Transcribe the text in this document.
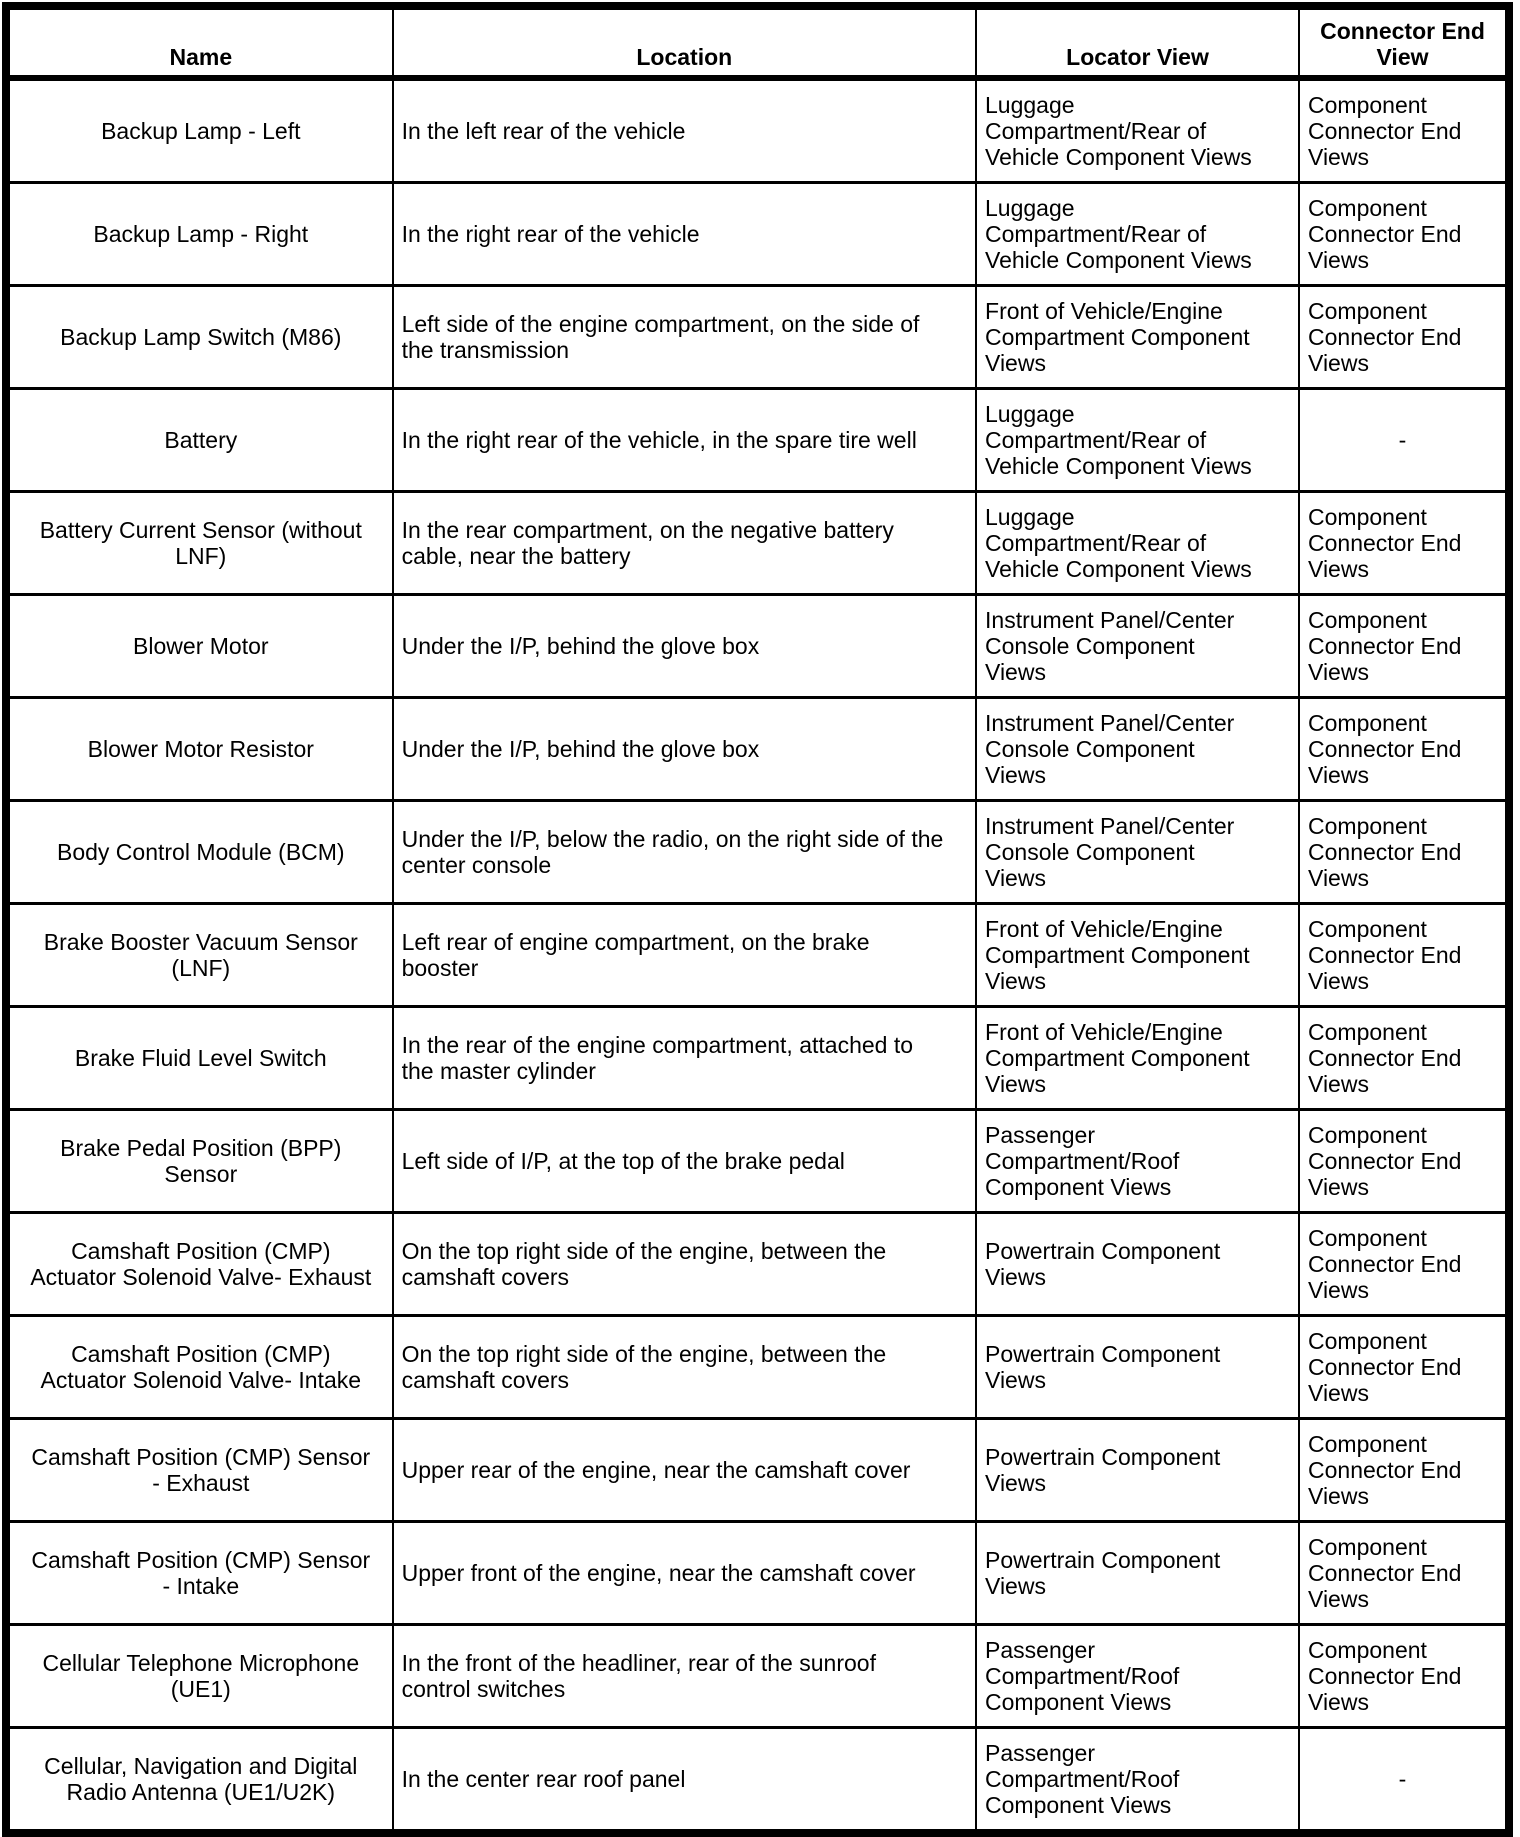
Name	Location	Locator View	Connector End View
Backup Lamp - Left	In the left rear of the vehicle	Luggage Compartment/Rear of Vehicle Component Views	Component Connector End Views
Backup Lamp - Right	In the right rear of the vehicle	Luggage Compartment/Rear of Vehicle Component Views	Component Connector End Views
Backup Lamp Switch (M86)	Left side of the engine compartment, on the side of the transmission	Front of Vehicle/Engine Compartment Component Views	Component Connector End Views
Battery	In the right rear of the vehicle, in the spare tire well	Luggage Compartment/Rear of Vehicle Component Views	-
Battery Current Sensor (without LNF)	In the rear compartment, on the negative battery cable, near the battery	Luggage Compartment/Rear of Vehicle Component Views	Component Connector End Views
Blower Motor	Under the I/P, behind the glove box	Instrument Panel/Center Console Component Views	Component Connector End Views
Blower Motor Resistor	Under the I/P, behind the glove box	Instrument Panel/Center Console Component Views	Component Connector End Views
Body Control Module (BCM)	Under the I/P, below the radio, on the right side of the center console	Instrument Panel/Center Console Component Views	Component Connector End Views
Brake Booster Vacuum Sensor (LNF)	Left rear of engine compartment, on the brake booster	Front of Vehicle/Engine Compartment Component Views	Component Connector End Views
Brake Fluid Level Switch	In the rear of the engine compartment, attached to the master cylinder	Front of Vehicle/Engine Compartment Component Views	Component Connector End Views
Brake Pedal Position (BPP) Sensor	Left side of I/P, at the top of the brake pedal	Passenger Compartment/Roof Component Views	Component Connector End Views
Camshaft Position (CMP) Actuator Solenoid Valve- Exhaust	On the top right side of the engine, between the camshaft covers	Powertrain Component Views	Component Connector End Views
Camshaft Position (CMP) Actuator Solenoid Valve- Intake	On the top right side of the engine, between the camshaft covers	Powertrain Component Views	Component Connector End Views
Camshaft Position (CMP) Sensor - Exhaust	Upper rear of the engine, near the camshaft cover	Powertrain Component Views	Component Connector End Views
Camshaft Position (CMP) Sensor - Intake	Upper front of the engine, near the camshaft cover	Powertrain Component Views	Component Connector End Views
Cellular Telephone Microphone (UE1)	In the front of the headliner, rear of the sunroof control switches	Passenger Compartment/Roof Component Views	Component Connector End Views
Cellular, Navigation and Digital Radio Antenna (UE1/U2K)	In the center rear roof panel	Passenger Compartment/Roof Component Views	-
